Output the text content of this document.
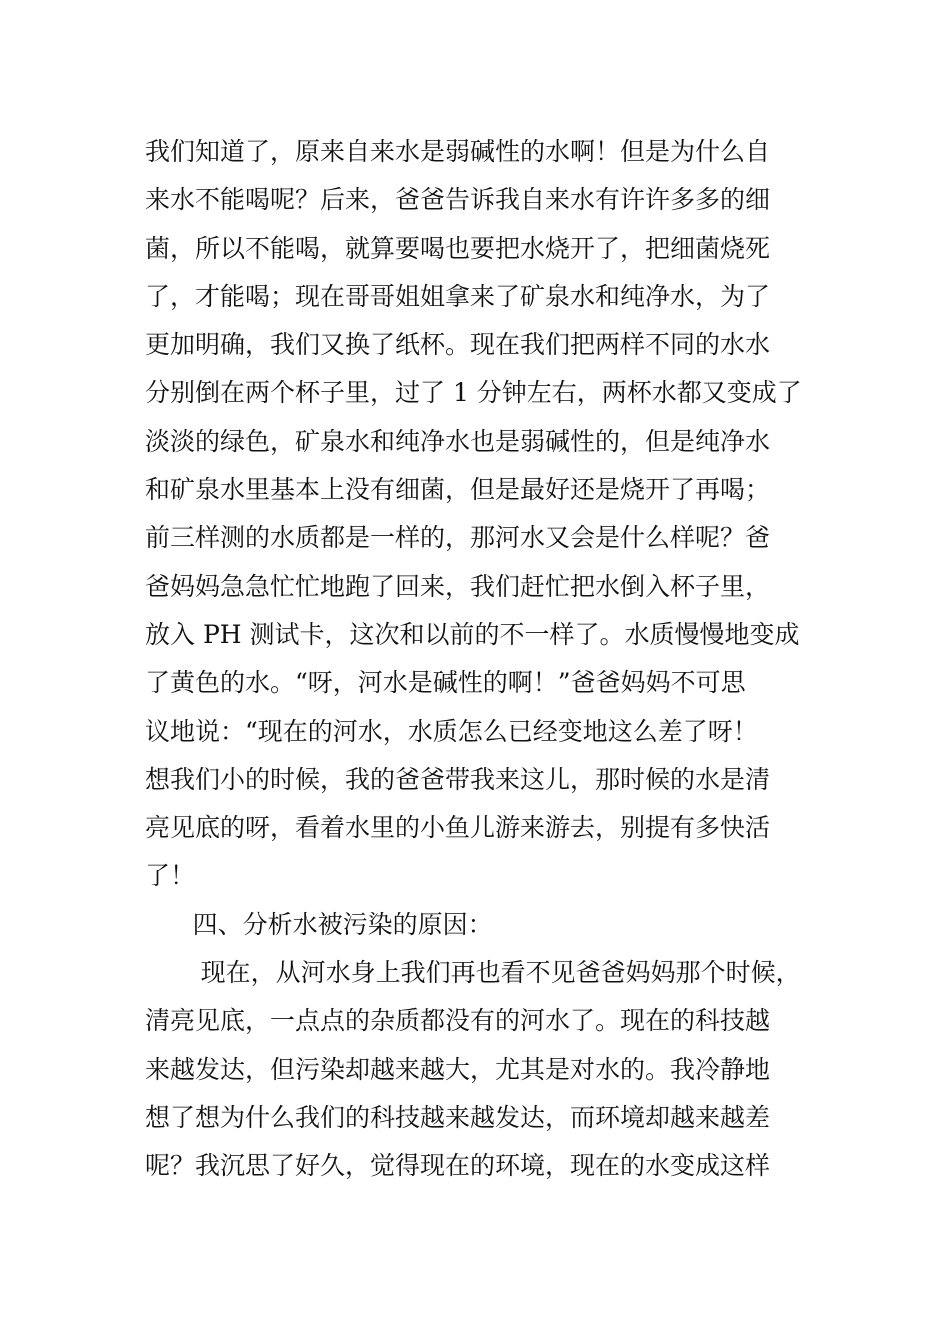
我们知道了，原来自来水是弱碱性的水啊！但是为什么自
来水不能喝呢？后来，爸爸告诉我自来水有许许多多的细
菌，所以不能喝，就算要喝也要把水烧开了，把细菌烧死
了，才能喝；现在哥哥姐姐拿来了矿泉水和纯净水，为了
更加明确，我们又换了纸杯。现在我们把两样不同的水水
分别倒在两个杯子里，过了 1 分钟左右，两杯水都又变成了
淡淡的绿色，矿泉水和纯净水也是弱碱性的，但是纯净水
和矿泉水里基本上没有细菌，但是最好还是烧开了再喝；
前三样测的水质都是一样的，那河水又会是什么样呢？爸
爸妈妈急急忙忙地跑了回来，我们赶忙把水倒入杯子里，
放入 PH 测试卡，这次和以前的不一样了。水质慢慢地变成
了黄色的水。“呀，河水是碱性的啊！”爸爸妈妈不可思
议地说：“现在的河水，水质怎么已经变地这么差了呀！
想我们小的时候，我的爸爸带我来这儿，那时候的水是清
亮见底的呀，看着水里的小鱼儿游来游去，别提有多快活
了！
四、分析水被污染的原因：
现在，从河水身上我们再也看不见爸爸妈妈那个时候，
清亮见底，一点点的杂质都没有的河水了。现在的科技越
来越发达，但污染却越来越大，尤其是对水的。我冷静地
想了想为什么我们的科技越来越发达，而环境却越来越差
呢？我沉思了好久，觉得现在的环境，现在的水变成这样
